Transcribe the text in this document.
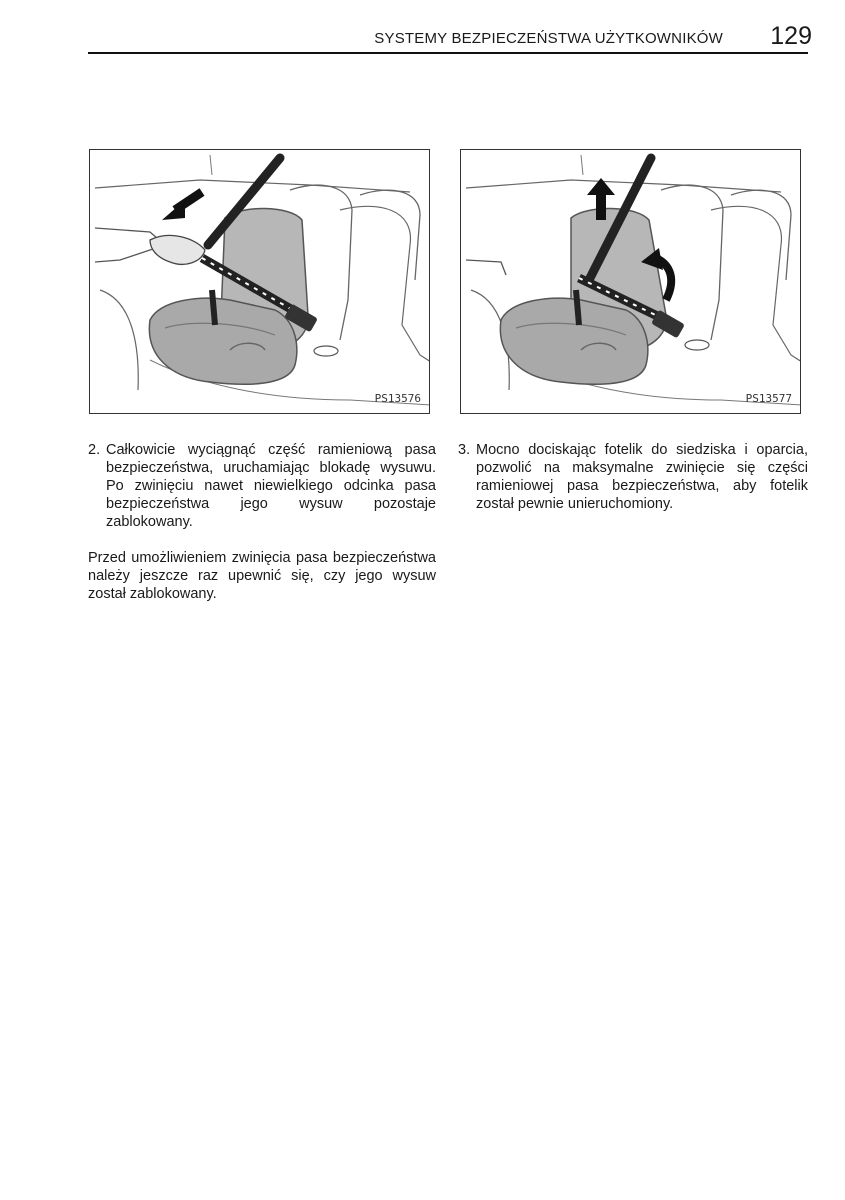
SYSTEMY BEZPIECZEŃSTWA UŻYTKOWNIKÓW	129
PS13576	PS13577
2. Całkowicie wyciągnąć część ramieniową pasa bezpieczeństwa, uruchamiając blokadę wysuwu. Po zwinięciu nawet niewielkiego odcinka pasa bezpieczeństwa jego wysuw pozostaje zablokowany.
Przed umożliwieniem zwinięcia pasa bezpieczeństwa należy jeszcze raz upewnić się, czy jego wysuw został zablokowany.
3. Mocno dociskając fotelik do siedziska i oparcia, pozwolić na maksymalne zwinięcie się części ramieniowej pasa bezpieczeństwa, aby fotelik został pewnie unieruchomiony.
